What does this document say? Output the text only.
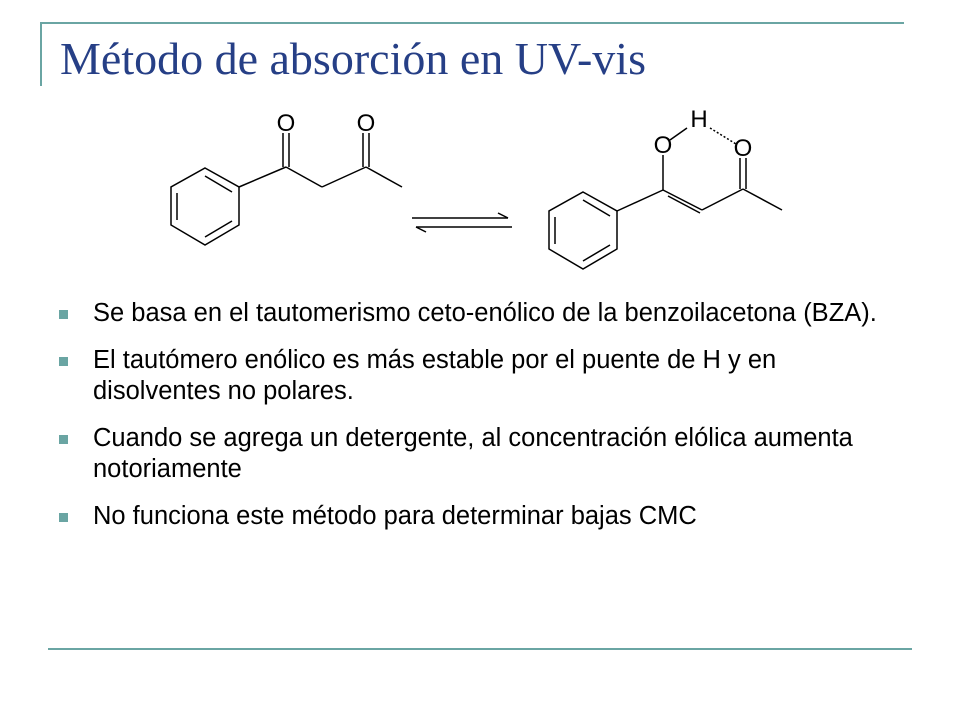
Método de absorción en UV-vis
O	O
O
H
O
Se basa en el tautomerismo ceto-enólico de la benzoilacetona (BZA).
El tautómero enólico es más estable por el puente de H y en disolventes no polares.
Cuando se agrega un detergente, al concentración elólica aumenta notoriamente
No funciona este método para determinar bajas CMC
